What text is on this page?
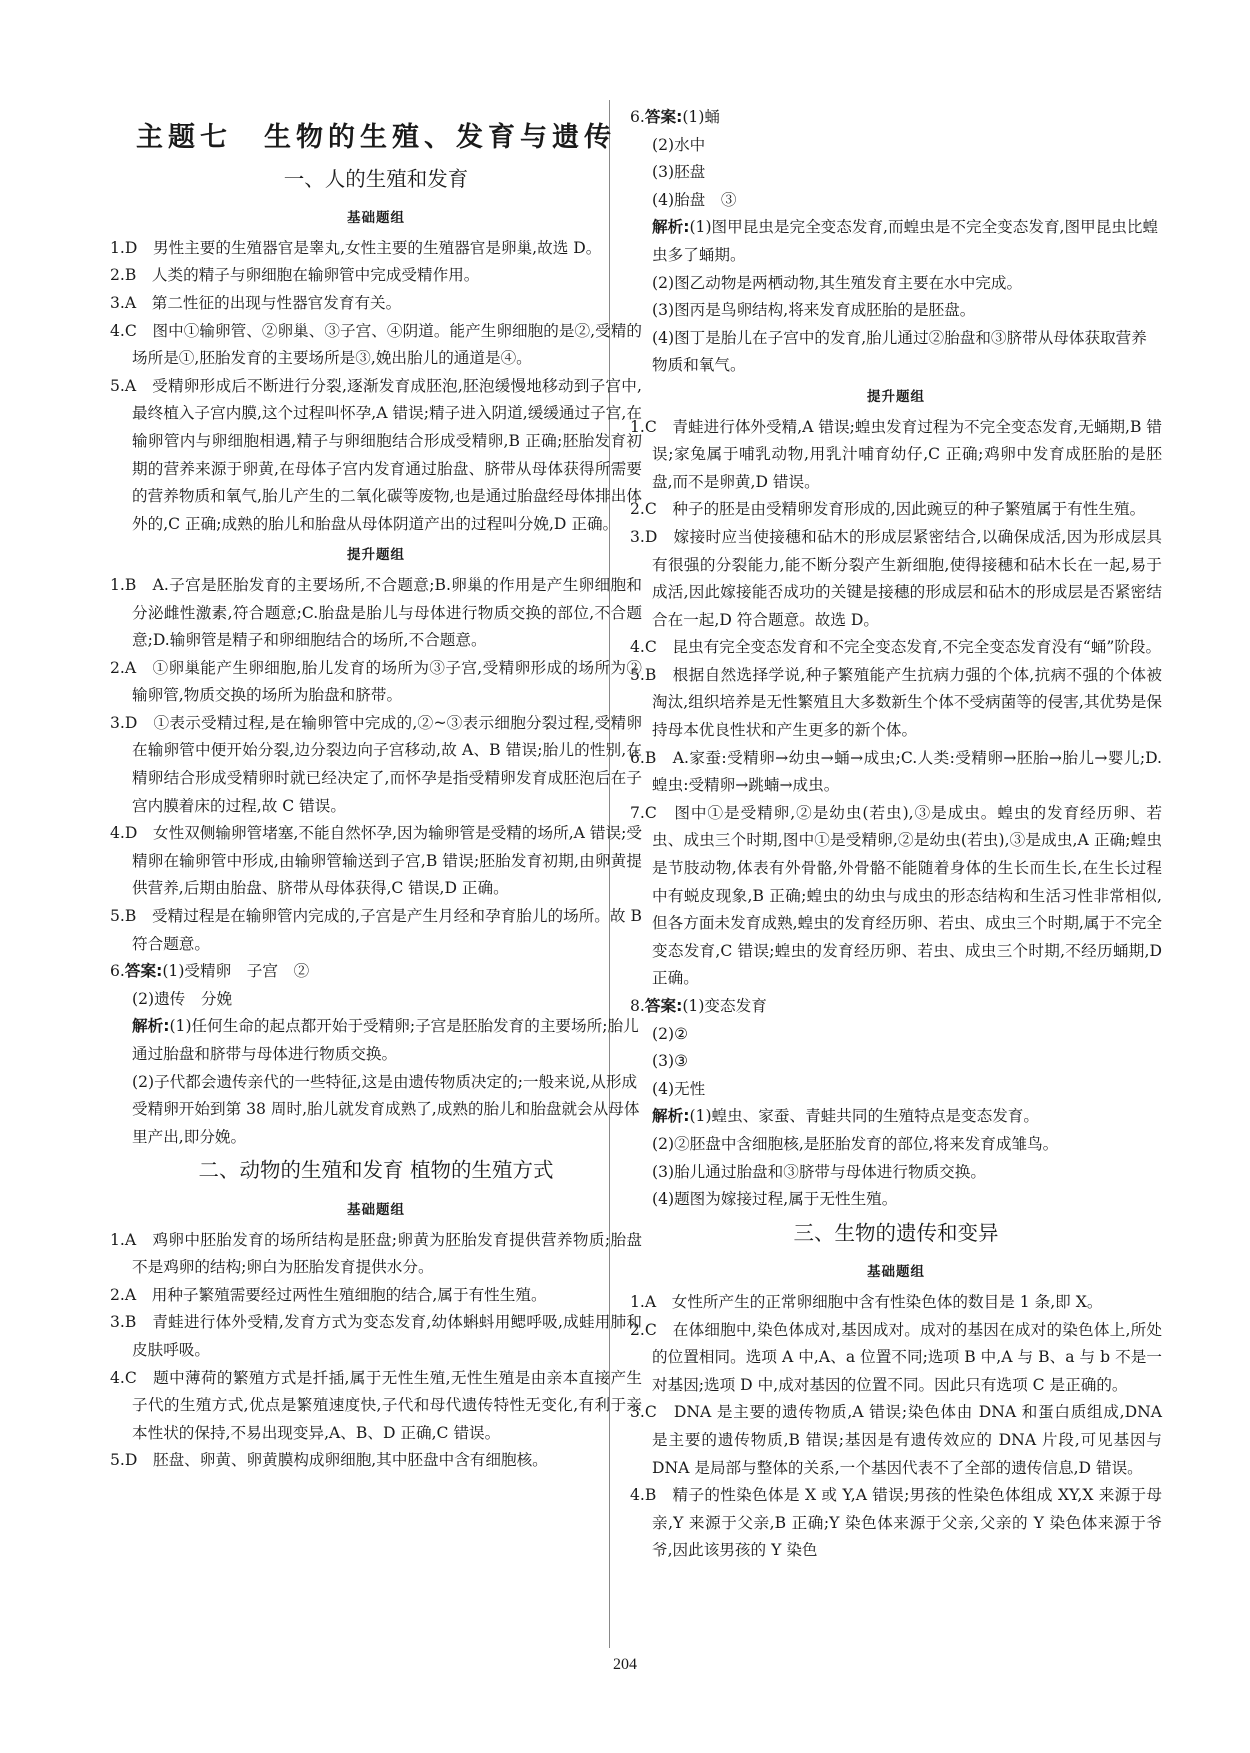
主题七　生物的生殖、发育与遗传
一、人的生殖和发育
基础题组

1.D　男性主要的生殖器官是睾丸,女性主要的生殖器官是卵巢,故选 D。

2.B　人类的精子与卵细胞在输卵管中完成受精作用。

3.A　第二性征的出现与性器官发育有关。

4.C　图中①输卵管、②卵巢、③子宫、④阴道。能产生卵细胞的是②,受精的场所是①,胚胎发育的主要场所是③,娩出胎儿的通道是④。

5.A　受精卵形成后不断进行分裂,逐渐发育成胚泡,胚泡缓慢地移动到子宫中,最终植入子宫内膜,这个过程叫怀孕,A 错误;精子进入阴道,缓缓通过子宫,在输卵管内与卵细胞相遇,精子与卵细胞结合形成受精卵,B 正确;胚胎发育初期的营养来源于卵黄,在母体子宫内发育通过胎盘、脐带从母体获得所需要的营养物质和氧气,胎儿产生的二氧化碳等废物,也是通过胎盘经母体排出体外的,C 正确;成熟的胎儿和胎盘从母体阴道产出的过程叫分娩,D 正确。

提升题组

1.B　A.子宫是胚胎发育的主要场所,不合题意;B.卵巢的作用是产生卵细胞和分泌雌性激素,符合题意;C.胎盘是胎儿与母体进行物质交换的部位,不合题意;D.输卵管是精子和卵细胞结合的场所,不合题意。

2.A　①卵巢能产生卵细胞,胎儿发育的场所为③子宫,受精卵形成的场所为②输卵管,物质交换的场所为胎盘和脐带。

3.D　①表示受精过程,是在输卵管中完成的,②~③表示细胞分裂过程,受精卵在输卵管中便开始分裂,边分裂边向子宫移动,故 A、B 错误;胎儿的性别,在精卵结合形成受精卵时就已经决定了,而怀孕是指受精卵发育成胚泡后在子宫内膜着床的过程,故 C 错误。

4.D　女性双侧输卵管堵塞,不能自然怀孕,因为输卵管是受精的场所,A 错误;受精卵在输卵管中形成,由输卵管输送到子宫,B 错误;胚胎发育初期,由卵黄提供营养,后期由胎盘、脐带从母体获得,C 错误,D 正确。

5.B　受精过程是在输卵管内完成的,子宫是产生月经和孕育胎儿的场所。故 B 符合题意。

6.答案:(1)受精卵　子宫　②

(2)遗传　分娩

解析:(1)任何生命的起点都开始于受精卵;子宫是胚胎发育的主要场所;胎儿通过胎盘和脐带与母体进行物质交换。

(2)子代都会遗传亲代的一些特征,这是由遗传物质决定的;一般来说,从形成受精卵开始到第 38 周时,胎儿就发育成熟了,成熟的胎儿和胎盘就会从母体里产出,即分娩。

二、动物的生殖和发育 植物的生殖方式
基础题组

1.A　鸡卵中胚胎发育的场所结构是胚盘;卵黄为胚胎发育提供营养物质;胎盘不是鸡卵的结构;卵白为胚胎发育提供水分。

2.A　用种子繁殖需要经过两性生殖细胞的结合,属于有性生殖。

3.B　青蛙进行体外受精,发育方式为变态发育,幼体蝌蚪用鳃呼吸,成蛙用肺和皮肤呼吸。

4.C　题中薄荷的繁殖方式是扦插,属于无性生殖,无性生殖是由亲本直接产生子代的生殖方式,优点是繁殖速度快,子代和母代遗传特性无变化,有利于亲本性状的保持,不易出现变异,A、B、D 正确,C 错误。

5.D　胚盘、卵黄、卵黄膜构成卵细胞,其中胚盘中含有细胞核。

6.答案:(1)蛹

(2)水中

(3)胚盘

(4)胎盘　③

解析:(1)图甲昆虫是完全变态发育,而蝗虫是不完全变态发育,图甲昆虫比蝗虫多了蛹期。

(2)图乙动物是两栖动物,其生殖发育主要在水中完成。

(3)图丙是鸟卵结构,将来发育成胚胎的是胚盘。

(4)图丁是胎儿在子宫中的发育,胎儿通过②胎盘和③脐带从母体获取营养物质和氧气。

提升题组

1.C　青蛙进行体外受精,A 错误;蝗虫发育过程为不完全变态发育,无蛹期,B 错误;家兔属于哺乳动物,用乳汁哺育幼仔,C 正确;鸡卵中发育成胚胎的是胚盘,而不是卵黄,D 错误。

2.C　种子的胚是由受精卵发育形成的,因此豌豆的种子繁殖属于有性生殖。

3.D　嫁接时应当使接穗和砧木的形成层紧密结合,以确保成活,因为形成层具有很强的分裂能力,能不断分裂产生新细胞,使得接穗和砧木长在一起,易于成活,因此嫁接能否成功的关键是接穗的形成层和砧木的形成层是否紧密结合在一起,D 符合题意。故选 D。

4.C　昆虫有完全变态发育和不完全变态发育,不完全变态发育没有“蛹”阶段。

5.B　根据自然选择学说,种子繁殖能产生抗病力强的个体,抗病不强的个体被淘汰,组织培养是无性繁殖且大多数新生个体不受病菌等的侵害,其优势是保持母本优良性状和产生更多的新个体。

6.B　A.家蚕:受精卵→幼虫→蛹→成虫;C.人类:受精卵→胚胎→胎儿→婴儿;D.蝗虫:受精卵→跳蝻→成虫。

7.C　图中①是受精卵,②是幼虫(若虫),③是成虫。蝗虫的发育经历卵、若虫、成虫三个时期,图中①是受精卵,②是幼虫(若虫),③是成虫,A 正确;蝗虫是节肢动物,体表有外骨骼,外骨骼不能随着身体的生长而生长,在生长过程中有蜕皮现象,B 正确;蝗虫的幼虫与成虫的形态结构和生活习性非常相似,但各方面未发育成熟,蝗虫的发育经历卵、若虫、成虫三个时期,属于不完全变态发育,C 错误;蝗虫的发育经历卵、若虫、成虫三个时期,不经历蛹期,D 正确。

8.答案:(1)变态发育

(2)②

(3)③

(4)无性

解析:(1)蝗虫、家蚕、青蛙共同的生殖特点是变态发育。

(2)②胚盘中含细胞核,是胚胎发育的部位,将来发育成雏鸟。

(3)胎儿通过胎盘和③脐带与母体进行物质交换。

(4)题图为嫁接过程,属于无性生殖。

三、生物的遗传和变异
基础题组

1.A　女性所产生的正常卵细胞中含有性染色体的数目是 1 条,即 X。

2.C　在体细胞中,染色体成对,基因成对。成对的基因在成对的染色体上,所处的位置相同。选项 A 中,A、a 位置不同;选项 B 中,A 与 B、a 与 b 不是一对基因;选项 D 中,成对基因的位置不同。因此只有选项 C 是正确的。

3.C　DNA 是主要的遗传物质,A 错误;染色体由 DNA 和蛋白质组成,DNA 是主要的遗传物质,B 错误;基因是有遗传效应的 DNA 片段,可见基因与 DNA 是局部与整体的关系,一个基因代表不了全部的遗传信息,D 错误。

4.B　精子的性染色体是 X 或 Y,A 错误;男孩的性染色体组成 XY,X 来源于母亲,Y 来源于父亲,B 正确;Y 染色体来源于父亲,父亲的 Y 染色体来源于爷爷,因此该男孩的 Y 染色

204
